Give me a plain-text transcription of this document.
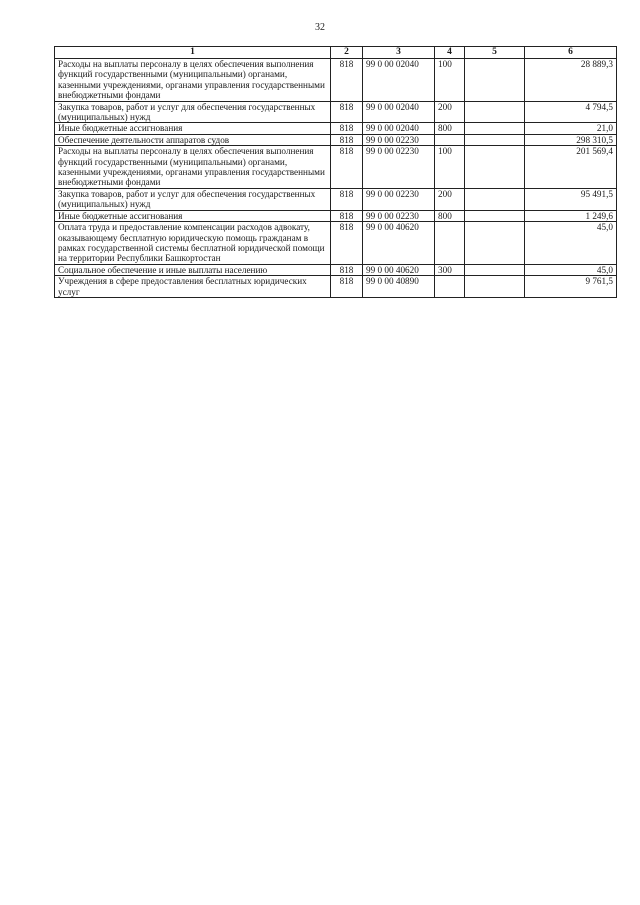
32
1	2	3	4	5	6
Расходы на выплаты персоналу в целях обеспечения выполнения функций государственными (муниципальными) органами, казенными учреждениями, органами управления государственными внебюджетными фондами	818	99 0 00 02040	100		28 889,3
Закупка товаров, работ и услуг для обеспечения государственных (муниципальных) нужд	818	99 0 00 02040	200		4 794,5
Иные бюджетные ассигнования	818	99 0 00 02040	800		21,0
Обеспечение деятельности аппаратов судов	818	99 0 00 02230			298 310,5
Расходы на выплаты персоналу в целях обеспечения выполнения функций государственными (муниципальными) органами, казенными учреждениями, органами управления государственными внебюджетными фондами	818	99 0 00 02230	100		201 569,4
Закупка товаров, работ и услуг для обеспечения государственных (муниципальных) нужд	818	99 0 00 02230	200		95 491,5
Иные бюджетные ассигнования	818	99 0 00 02230	800		1 249,6
Оплата труда и предоставление компенсации расходов адвокату, оказывающему бесплатную юридическую помощь гражданам в рамках государственной системы бесплатной юридической помощи на территории Республики Башкортостан	818	99 0 00 40620			45,0
Социальное обеспечение и иные выплаты населению	818	99 0 00 40620	300		45,0
Учреждения в сфере предоставления бесплатных юридических услуг	818	99 0 00 40890			9 761,5
